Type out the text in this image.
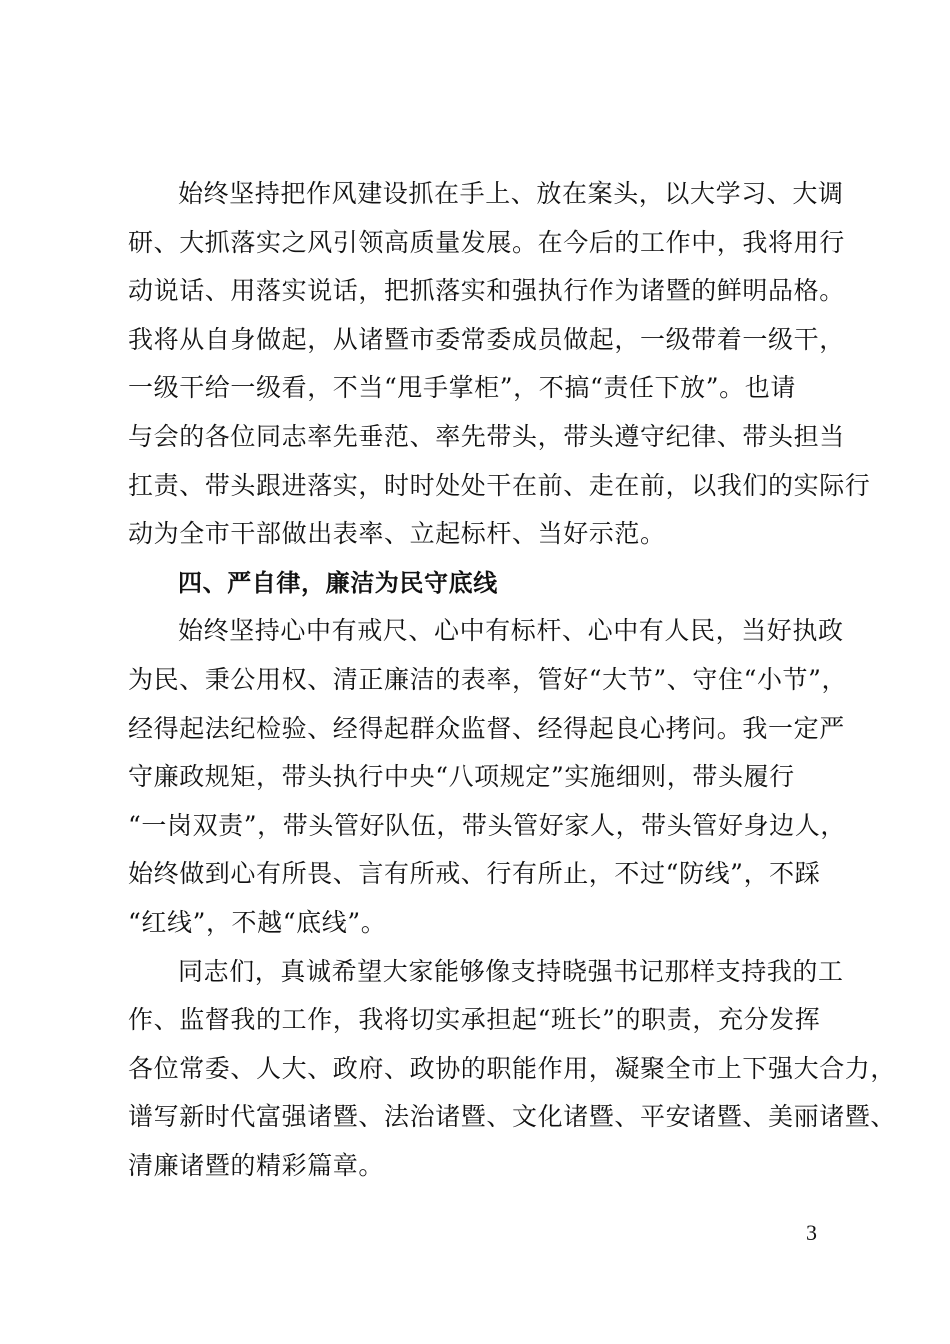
始终坚持把作风建设抓在手上、放在案头，以大学习、大调
研、大抓落实之风引领高质量发展。在今后的工作中，我将用行
动说话、用落实说话，把抓落实和强执行作为诸暨的鲜明品格。
我将从自身做起，从诸暨市委常委成员做起，一级带着一级干，
一级干给一级看，不当“甩手掌柜”，不搞“责任下放”。也请
与会的各位同志率先垂范、率先带头，带头遵守纪律、带头担当
扛责、带头跟进落实，时时处处干在前、走在前，以我们的实际行
动为全市干部做出表率、立起标杆、当好示范。
四、严自律，廉洁为民守底线
始终坚持心中有戒尺、心中有标杆、心中有人民，当好执政
为民、秉公用权、清正廉洁的表率，管好“大节”、守住“小节”，
经得起法纪检验、经得起群众监督、经得起良心拷问。我一定严
守廉政规矩，带头执行中央“八项规定”实施细则，带头履行
“一岗双责”，带头管好队伍，带头管好家人，带头管好身边人，
始终做到心有所畏、言有所戒、行有所止，不过“防线”，不踩
“红线”，不越“底线”。
同志们，真诚希望大家能够像支持晓强书记那样支持我的工
作、监督我的工作，我将切实承担起“班长”的职责，充分发挥
各位常委、人大、政府、政协的职能作用，凝聚全市上下强大合力，
谱写新时代富强诸暨、法治诸暨、文化诸暨、平安诸暨、美丽诸暨、
清廉诸暨的精彩篇章。
3
